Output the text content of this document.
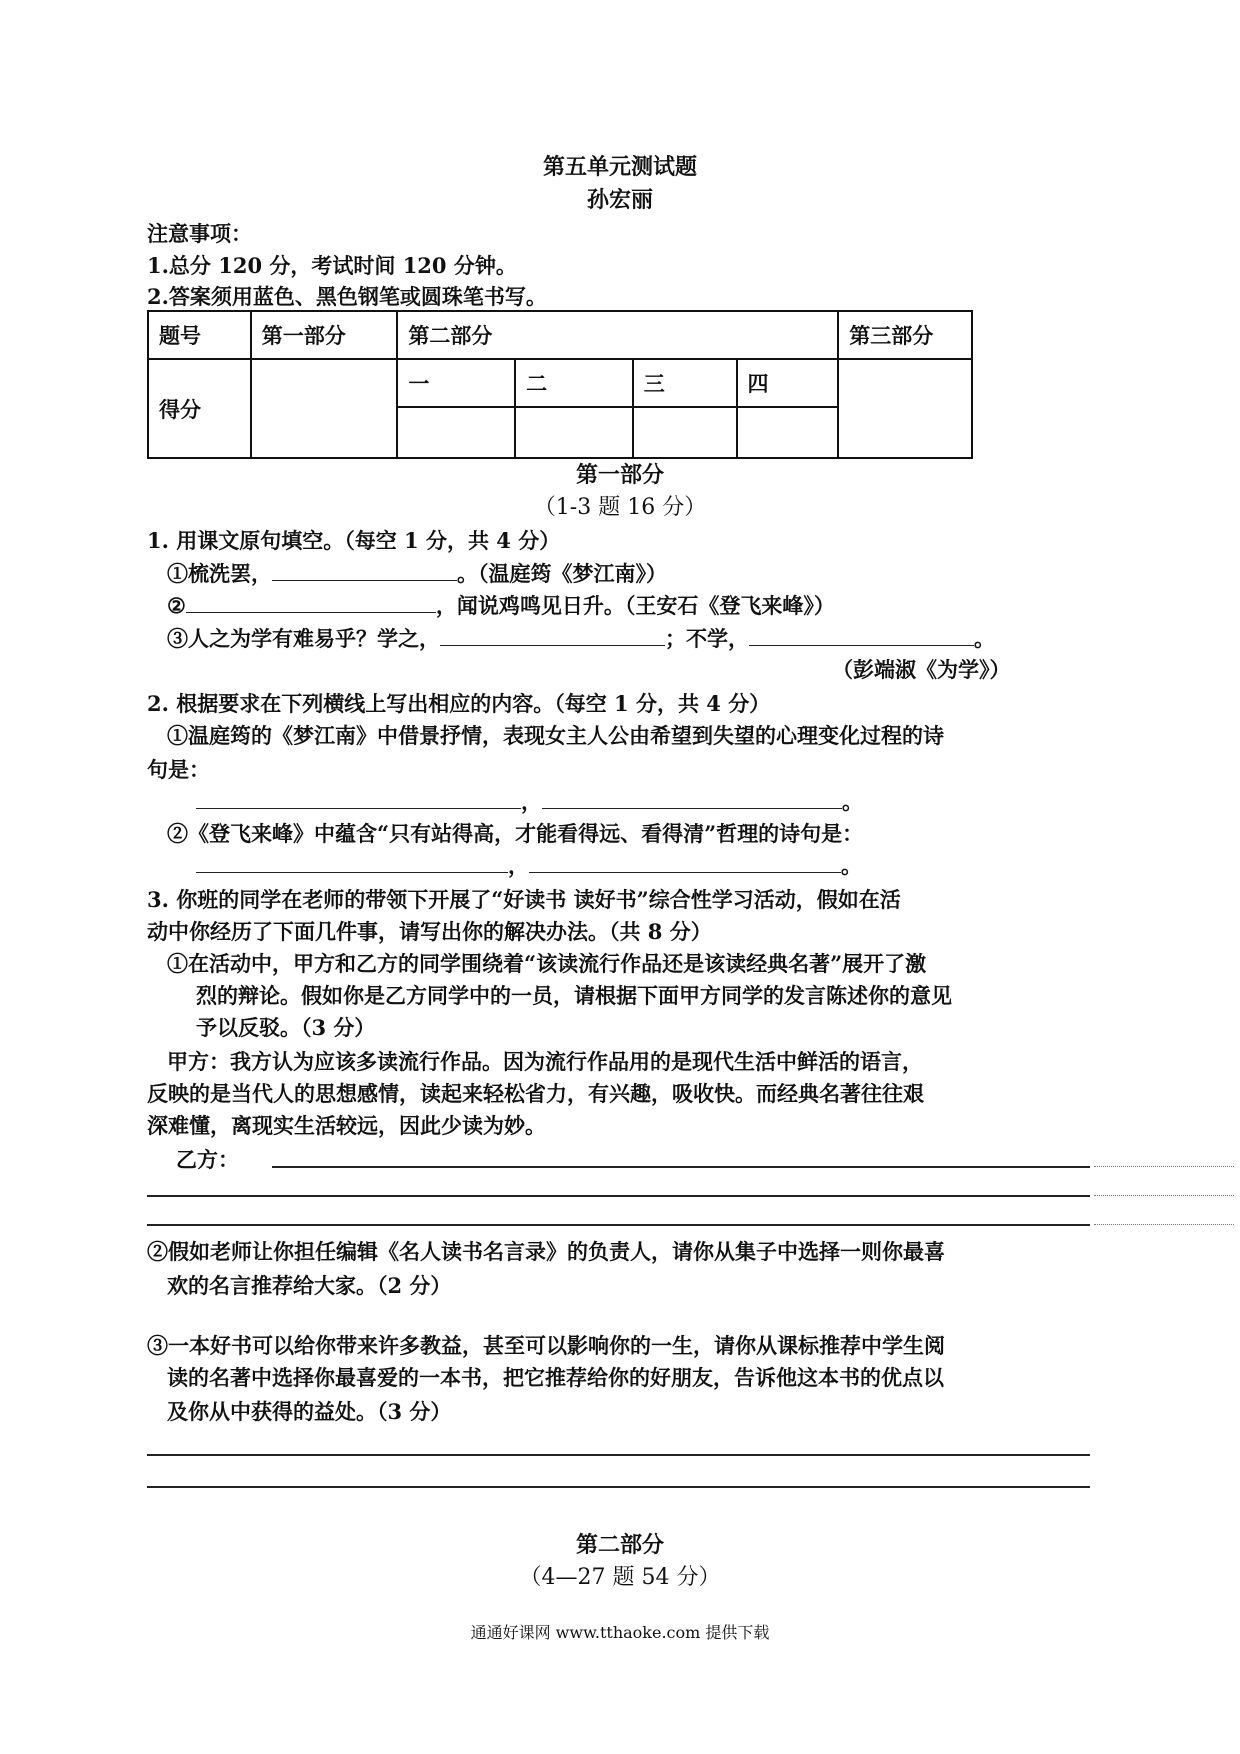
第五单元测试题
孙宏丽
注意事项：
1.总分 120 分，考试时间 120 分钟。
2.答案须用蓝色、黑色钢笔或圆珠笔书写。
题号	第一部分	第二部分				第三部分
得分		一	二	三	四	

第一部分
（1-3 题 16 分）
1. 用课文原句填空。（每空 1 分，共 4 分）
①梳洗罢，	。（温庭筠《梦江南》）
②	，闻说鸡鸣见日升。（王安石《登飞来峰》）
③人之为学有难易乎？学之，	；不学，	。
（彭端淑《为学》）
2. 根据要求在下列横线上写出相应的内容。（每空 1 分，共 4 分）
①温庭筠的《梦江南》中借景抒情，表现女主人公由希望到失望的心理变化过程的诗
句是：
，	。
②《登飞来峰》中蕴含“只有站得高，才能看得远、看得清”哲理的诗句是：
，	。
3. 你班的同学在老师的带领下开展了“好读书 读好书”综合性学习活动，假如在活
动中你经历了下面几件事，请写出你的解决办法。（共 8 分）
①在活动中，甲方和乙方的同学围绕着“该读流行作品还是该读经典名著”展开了激
烈的辩论。假如你是乙方同学中的一员，请根据下面甲方同学的发言陈述你的意见
予以反驳。（3 分）
甲方：我方认为应该多读流行作品。因为流行作品用的是现代生活中鲜活的语言，
反映的是当代人的思想感情，读起来轻松省力，有兴趣，吸收快。而经典名著往往艰
深难懂，离现实生活较远，因此少读为妙。
乙方：
②假如老师让你担任编辑《名人读书名言录》的负责人，请你从集子中选择一则你最喜
欢的名言推荐给大家。（2 分）
③一本好书可以给你带来许多教益，甚至可以影响你的一生，请你从课标推荐中学生阅
读的名著中选择你最喜爱的一本书，把它推荐给你的好朋友，告诉他这本书的优点以
及你从中获得的益处。（3 分）
第二部分
（4—27 题 54 分）
通通好课网 www.tthaoke.com 提供下载
